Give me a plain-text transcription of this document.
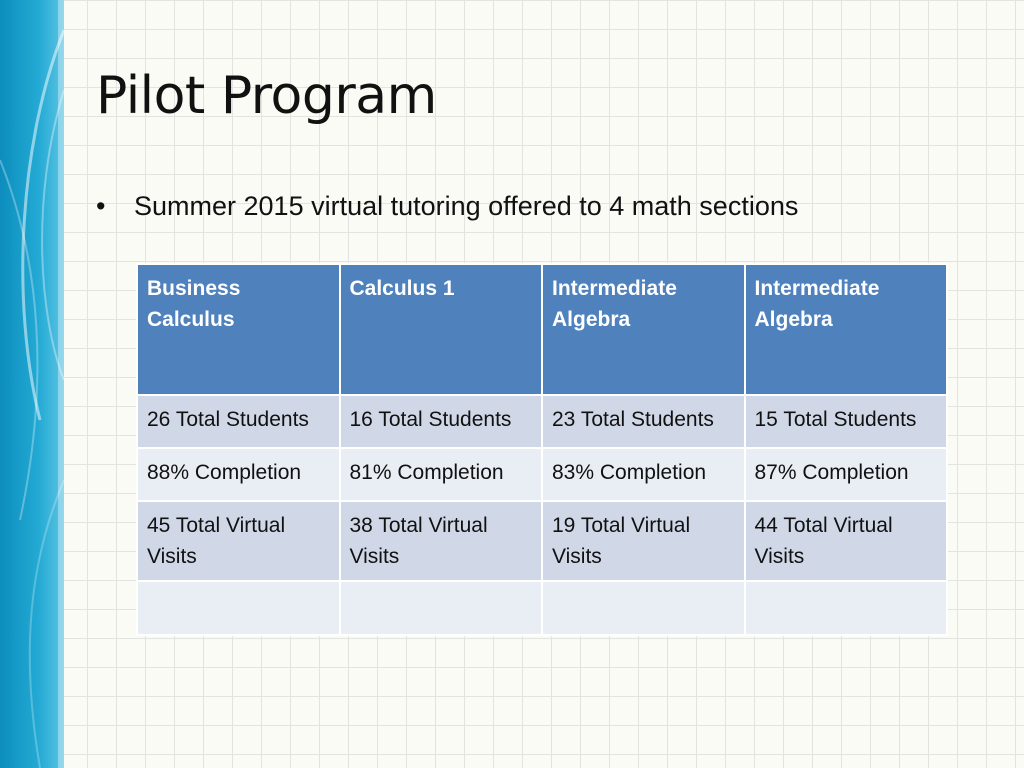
Pilot Program
• Summer 2015 virtual tutoring offered to 4 math sections
Business Calculus	Calculus 1	Intermediate Algebra	Intermediate Algebra
26 Total Students	16 Total Students	23 Total Students	15 Total Students
88% Completion	81% Completion	83% Completion	87% Completion
45 Total Virtual Visits	38 Total Virtual Visits	19 Total Virtual Visits	44 Total Virtual Visits
